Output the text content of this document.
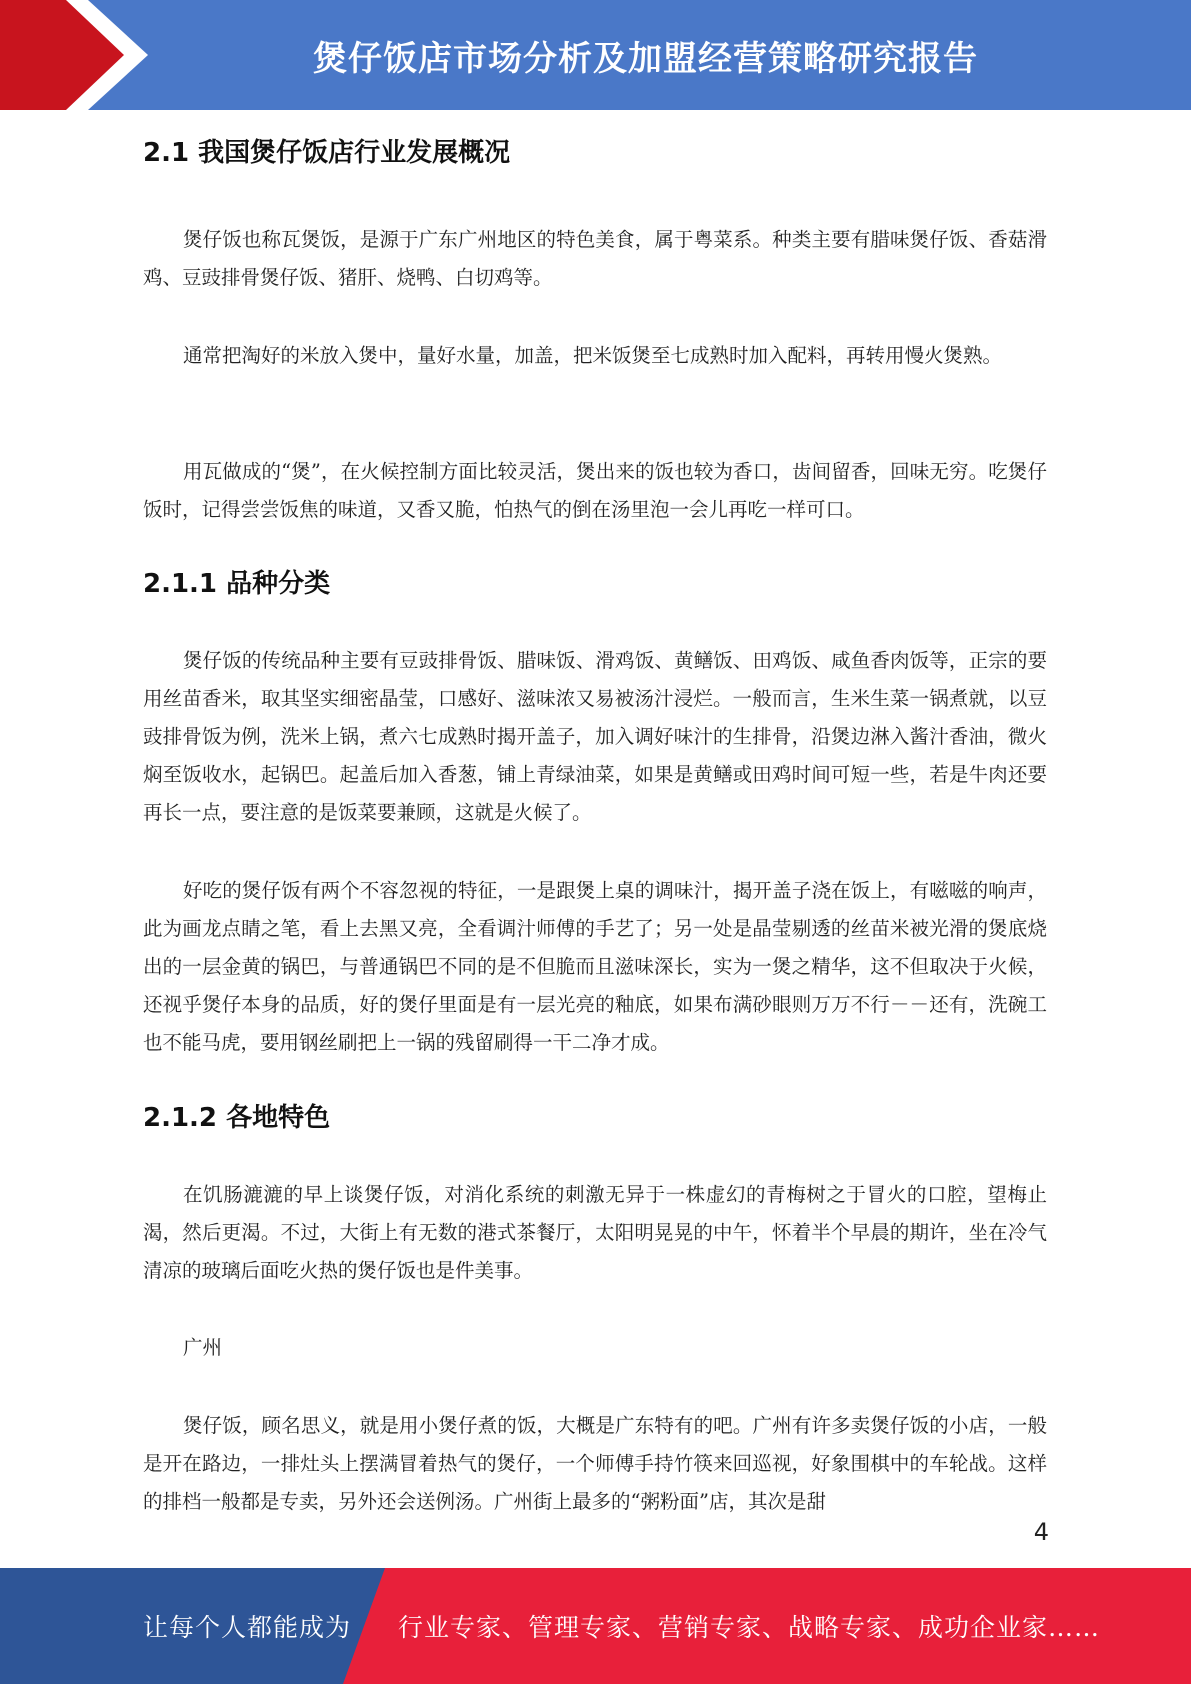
煲仔饭店市场分析及加盟经营策略研究报告
2.1 我国煲仔饭店行业发展概况

煲仔饭也称瓦煲饭，是源于广东广州地区的特色美食，属于粤菜系。种类主要有腊味煲仔饭、香菇滑鸡、豆豉排骨煲仔饭、猪肝、烧鸭、白切鸡等。

通常把淘好的米放入煲中，量好水量，加盖，把米饭煲至七成熟时加入配料，再转用慢火煲熟。

用瓦做成的“煲”，在火候控制方面比较灵活，煲出来的饭也较为香口，齿间留香，回味无穷。吃煲仔饭时，记得尝尝饭焦的味道，又香又脆，怕热气的倒在汤里泡一会儿再吃一样可口。

2.1.1 品种分类

煲仔饭的传统品种主要有豆豉排骨饭、腊味饭、滑鸡饭、黄鳝饭、田鸡饭、咸鱼香肉饭等，正宗的要用丝苗香米，取其坚实细密晶莹，口感好、滋味浓又易被汤汁浸烂。一般而言，生米生菜一锅煮就，以豆豉排骨饭为例，洗米上锅，煮六七成熟时揭开盖子，加入调好味汁的生排骨，沿煲边淋入酱汁香油，微火焖至饭收水，起锅巴。起盖后加入香葱，铺上青绿油菜，如果是黄鳝或田鸡时间可短一些，若是牛肉还要再长一点，要注意的是饭菜要兼顾，这就是火候了。

好吃的煲仔饭有两个不容忽视的特征，一是跟煲上桌的调味汁，揭开盖子浇在饭上，有嗞嗞的响声，此为画龙点睛之笔，看上去黑又亮，全看调汁师傅的手艺了；另一处是晶莹剔透的丝苗米被光滑的煲底烧出的一层金黄的锅巴，与普通锅巴不同的是不但脆而且滋味深长，实为一煲之精华，这不但取决于火候，还视乎煲仔本身的品质，好的煲仔里面是有一层光亮的釉底，如果布满砂眼则万万不行－－还有，洗碗工也不能马虎，要用钢丝刷把上一锅的残留刷得一干二净才成。

2.1.2 各地特色

在饥肠漉漉的早上谈煲仔饭，对消化系统的刺激无异于一株虚幻的青梅树之于冒火的口腔，望梅止渴，然后更渴。不过，大街上有无数的港式茶餐厅，太阳明晃晃的中午，怀着半个早晨的期许，坐在冷气清凉的玻璃后面吃火热的煲仔饭也是件美事。

广州

煲仔饭，顾名思义，就是用小煲仔煮的饭，大概是广东特有的吧。广州有许多卖煲仔饭的小店，一般是开在路边，一排灶头上摆满冒着热气的煲仔，一个师傅手持竹筷来回巡视，好象围棋中的车轮战。这样的排档一般都是专卖，另外还会送例汤。广州街上最多的“粥粉面”店，其次是甜

4
让每个人都能成为 行业专家、管理专家、营销专家、战略专家、成功企业家……
